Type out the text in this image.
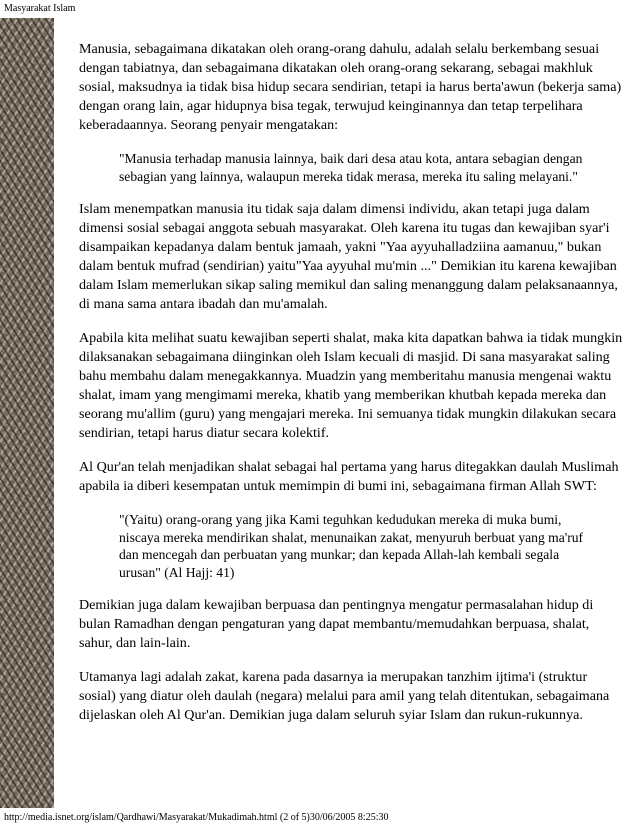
Masyarakat Islam

Manusia, sebagaimana dikatakan oleh orang-orang dahulu, adalah selalu berkembang sesuai dengan tabiatnya, dan sebagaimana dikatakan oleh orang-orang sekarang, sebagai makhluk sosial, maksudnya ia tidak bisa hidup secara sendirian, tetapi ia harus berta'awun (bekerja sama) dengan orang lain, agar hidupnya bisa tegak, terwujud keinginannya dan tetap terpelihara keberadaannya. Seorang penyair mengatakan:

"Manusia terhadap manusia lainnya, baik dari desa atau kota, antara sebagian dengan sebagian yang lainnya, walaupun mereka tidak merasa, mereka itu saling melayani."

Islam menempatkan manusia itu tidak saja dalam dimensi individu, akan tetapi juga dalam dimensi sosial sebagai anggota sebuah masyarakat. Oleh karena itu tugas dan kewajiban syar'i disampaikan kepadanya dalam bentuk jamaah, yakni "Yaa ayyuhalladziina aamanuu," bukan dalam bentuk mufrad (sendirian) yaitu"Yaa ayyuhal mu'min ..." Demikian itu karena kewajiban dalam Islam memerlukan sikap saling memikul dan saling menanggung dalam pelaksanaannya, di mana sama antara ibadah dan mu'amalah.

Apabila kita melihat suatu kewajiban seperti shalat, maka kita dapatkan bahwa ia tidak mungkin dilaksanakan sebagaimana diinginkan oleh Islam kecuali di masjid. Di sana masyarakat saling bahu membahu dalam menegakkannya. Muadzin yang memberitahu manusia mengenai waktu shalat, imam yang mengimami mereka, khatib yang memberikan khutbah kepada mereka dan seorang mu'allim (guru) yang mengajari mereka. Ini semuanya tidak mungkin dilakukan secara sendirian, tetapi harus diatur secara kolektif.

Al Qur'an telah menjadikan shalat sebagai hal pertama yang harus ditegakkan daulah Muslimah apabila ia diberi kesempatan untuk memimpin di bumi ini, sebagaimana firman Allah SWT:

"(Yaitu) orang-orang yang jika Kami teguhkan kedudukan mereka di muka bumi, niscaya mereka mendirikan shalat, menunaikan zakat, menyuruh berbuat yang ma'ruf dan mencegah dan perbuatan yang munkar; dan kepada Allah-lah kembali segala urusan" (Al Hajj: 41)

Demikian juga dalam kewajiban berpuasa dan pentingnya mengatur permasalahan hidup di bulan Ramadhan dengan pengaturan yang dapat membantu/memudahkan berpuasa, shalat, sahur, dan lain-lain.

Utamanya lagi adalah zakat, karena pada dasarnya ia merupakan tanzhim ijtima'i (struktur sosial) yang diatur oleh daulah (negara) melalui para amil yang telah ditentukan, sebagaimana dijelaskan oleh Al Qur'an. Demikian juga dalam seluruh syiar Islam dan rukun-rukunnya.

http://media.isnet.org/islam/Qardhawi/Masyarakat/Mukadimah.html (2 of 5)30/06/2005 8:25:30
